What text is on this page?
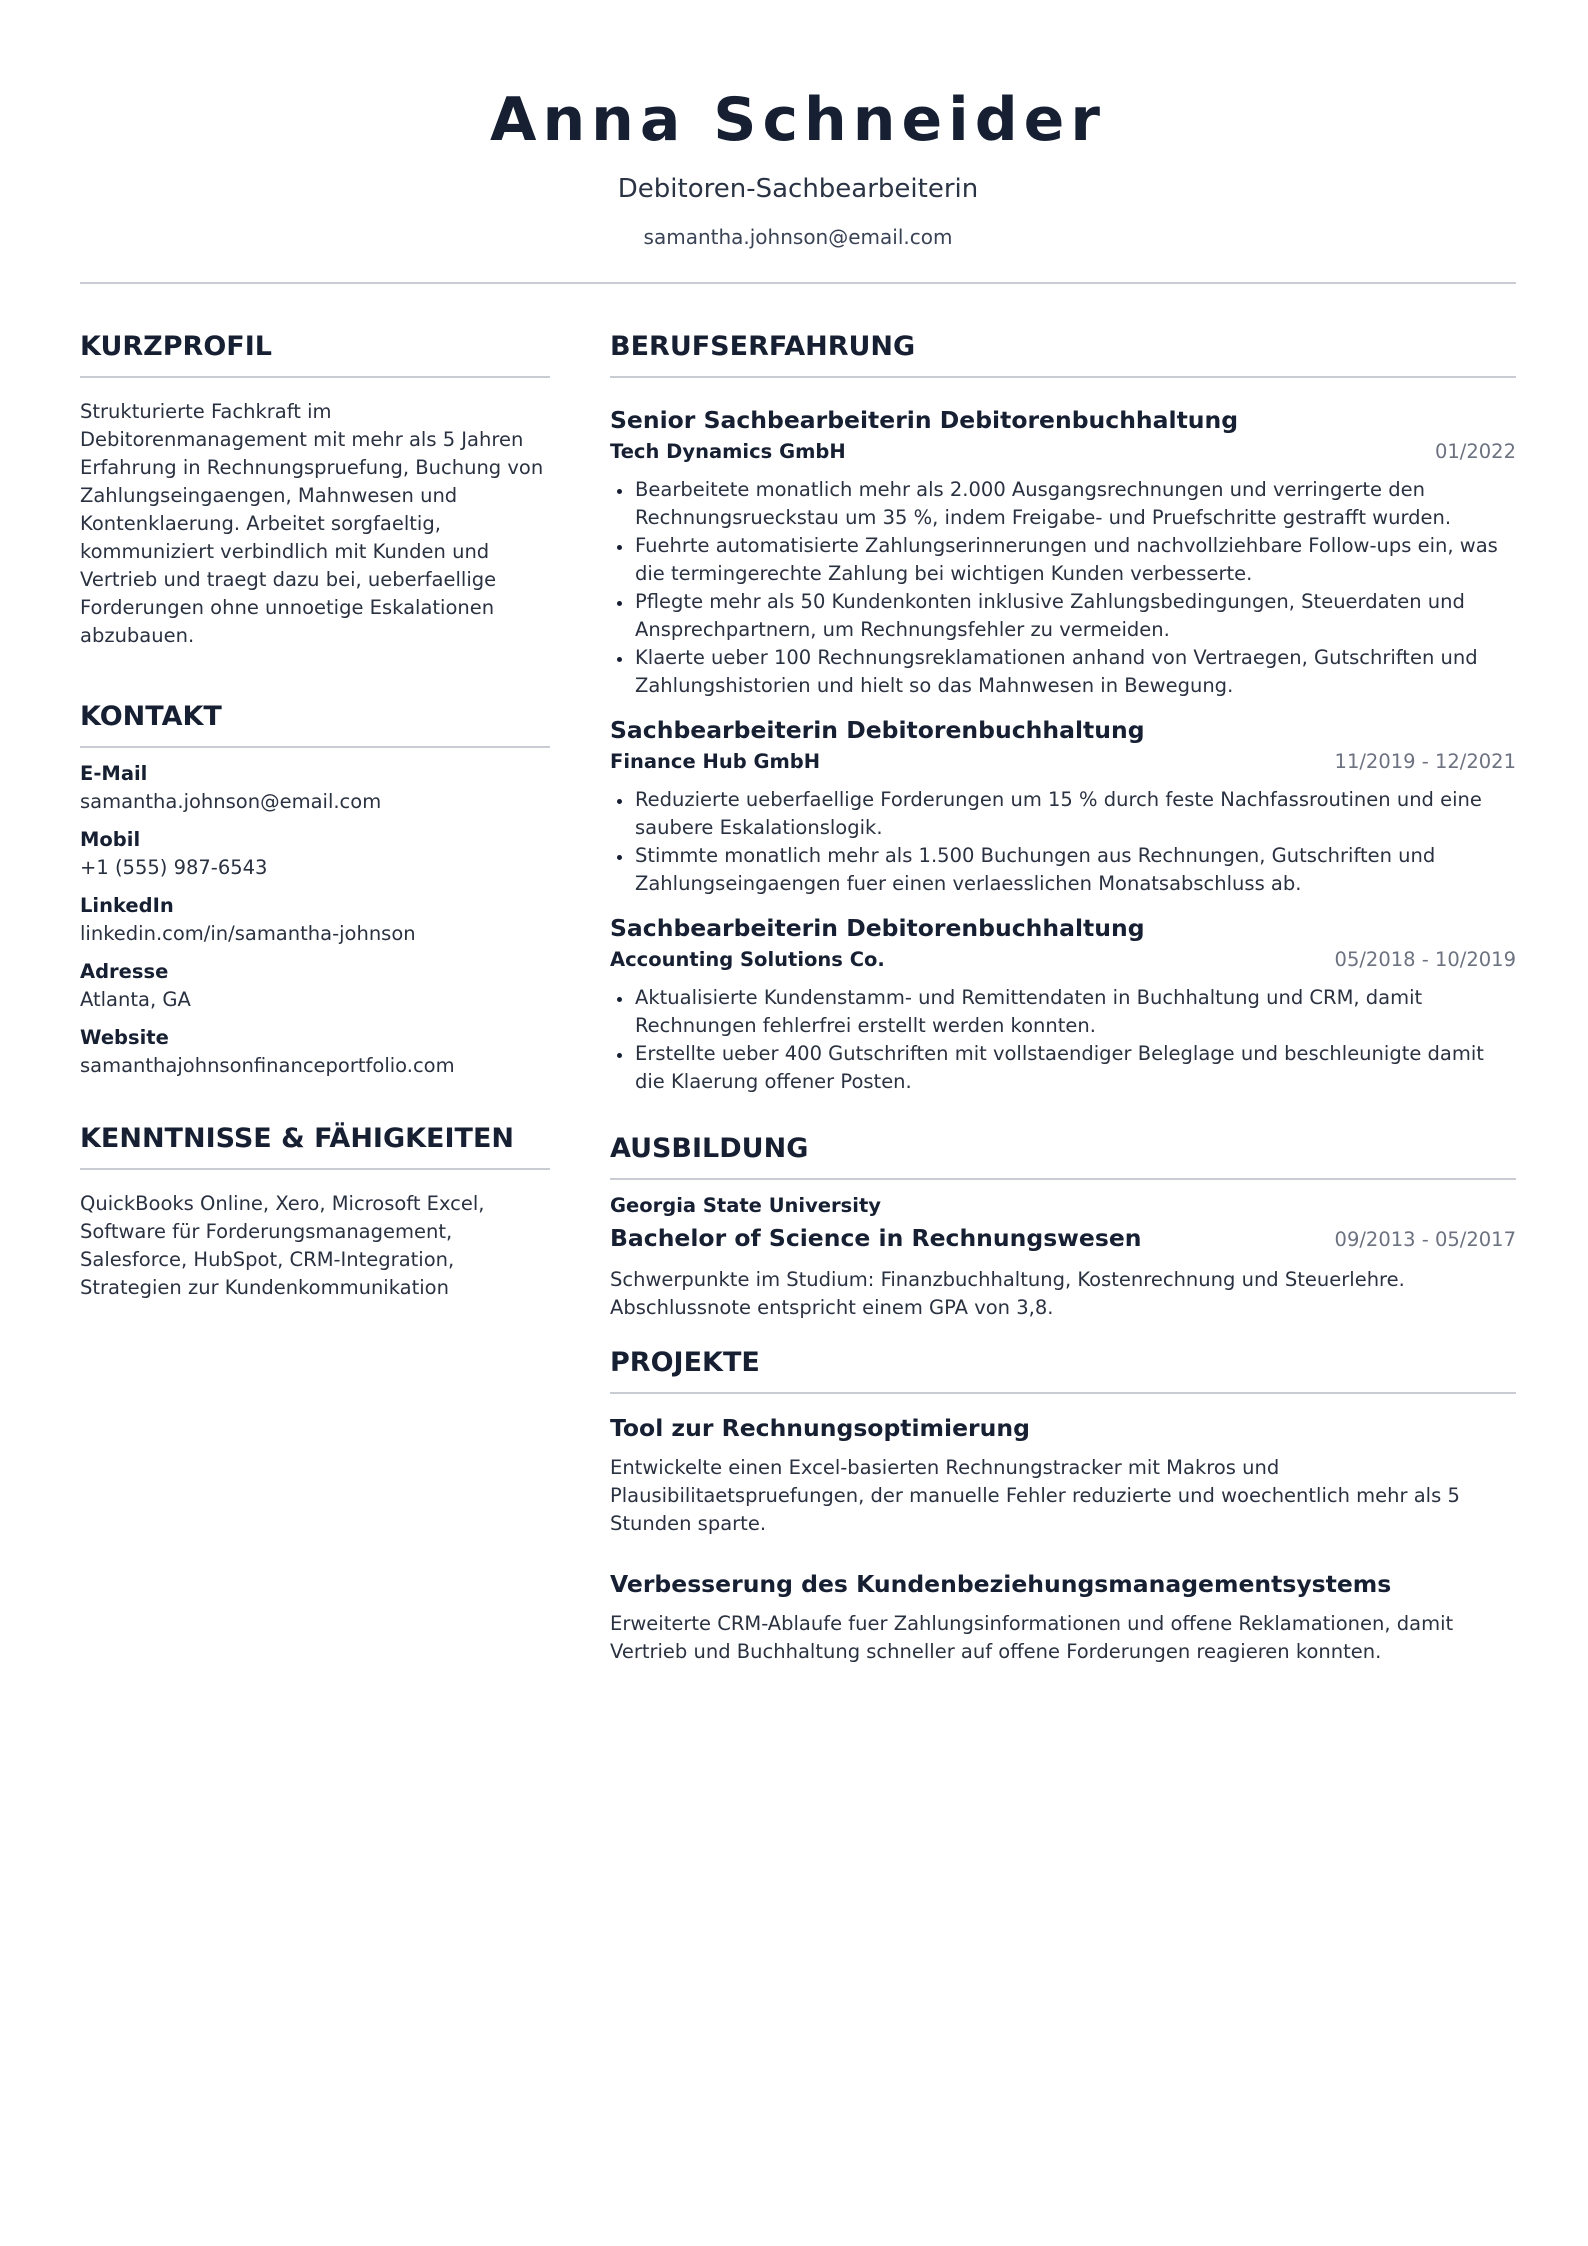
Anna Schneider
Debitoren-Sachbearbeiterin
samantha.johnson@email.com
KURZPROFIL
Strukturierte Fachkraft im Debitorenmanagement mit mehr als 5 Jahren Erfahrung in Rechnungspruefung, Buchung von Zahlungseingaengen, Mahnwesen und Kontenklaerung. Arbeitet sorgfaeltig, kommuniziert verbindlich mit Kunden und Vertrieb und traegt dazu bei, ueberfaellige Forderungen ohne unnoetige Eskalationen abzubauen.
KONTAKT
E-Mail
samantha.johnson@email.com
Mobil
+1 (555) 987-6543
LinkedIn
linkedin.com/in/samantha-johnson
Adresse
Atlanta, GA
Website
samanthajohnsonfinanceportfolio.com
KENNTNISSE & FÄHIGKEITEN
QuickBooks Online, Xero, Microsoft Excel, Software für Forderungsmanagement, Salesforce, HubSpot, CRM-Integration, Strategien zur Kundenkommunikation
BERUFSERFAHRUNG
Senior Sachbearbeiterin Debitorenbuchhaltung
Tech Dynamics GmbH	01/2022
Bearbeitete monatlich mehr als 2.000 Ausgangsrechnungen und verringerte den Rechnungsrueckstau um 35 %, indem Freigabe- und Pruefschritte gestrafft wurden.
Fuehrte automatisierte Zahlungserinnerungen und nachvollziehbare Follow-ups ein, was die termingerechte Zahlung bei wichtigen Kunden verbesserte.
Pflegte mehr als 50 Kundenkonten inklusive Zahlungsbedingungen, Steuerdaten und Ansprechpartnern, um Rechnungsfehler zu vermeiden.
Klaerte ueber 100 Rechnungsreklamationen anhand von Vertraegen, Gutschriften und Zahlungshistorien und hielt so das Mahnwesen in Bewegung.
Sachbearbeiterin Debitorenbuchhaltung
Finance Hub GmbH	11/2019 - 12/2021
Reduzierte ueberfaellige Forderungen um 15 % durch feste Nachfassroutinen und eine saubere Eskalationslogik.
Stimmte monatlich mehr als 1.500 Buchungen aus Rechnungen, Gutschriften und Zahlungseingaengen fuer einen verlaesslichen Monatsabschluss ab.
Sachbearbeiterin Debitorenbuchhaltung
Accounting Solutions Co.	05/2018 - 10/2019
Aktualisierte Kundenstamm- und Remittendaten in Buchhaltung und CRM, damit Rechnungen fehlerfrei erstellt werden konnten.
Erstellte ueber 400 Gutschriften mit vollstaendiger Beleglage und beschleunigte damit die Klaerung offener Posten.
AUSBILDUNG
Georgia State University
Bachelor of Science in Rechnungswesen	09/2013 - 05/2017
Schwerpunkte im Studium: Finanzbuchhaltung, Kostenrechnung und Steuerlehre. Abschlussnote entspricht einem GPA von 3,8.
PROJEKTE
Tool zur Rechnungsoptimierung
Entwickelte einen Excel-basierten Rechnungstracker mit Makros und Plausibilitaetspruefungen, der manuelle Fehler reduzierte und woechentlich mehr als 5 Stunden sparte.
Verbesserung des Kundenbeziehungsmanagementsystems
Erweiterte CRM-Ablaufe fuer Zahlungsinformationen und offene Reklamationen, damit Vertrieb und Buchhaltung schneller auf offene Forderungen reagieren konnten.
